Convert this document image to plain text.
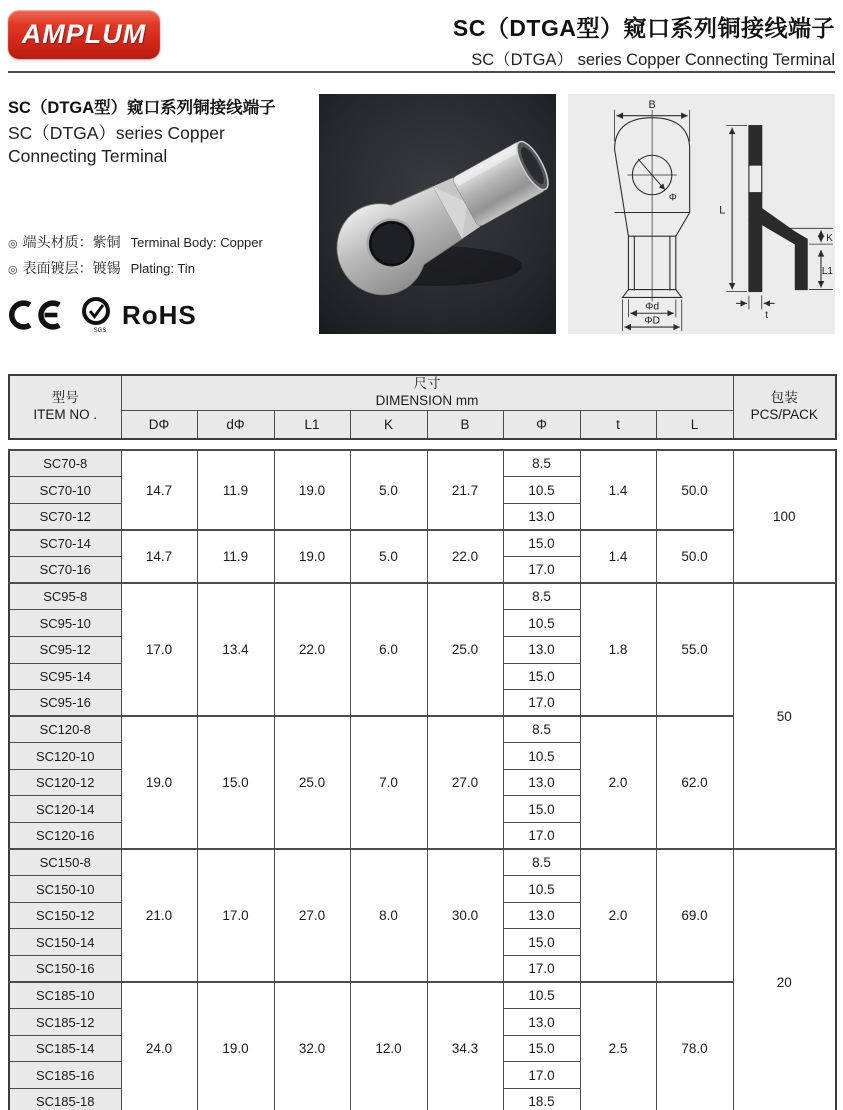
AMPLUM	SC（DTGA型）窥口系列铜接线端子
SC（DTGA） series Copper Connecting Terminal
SC（DTGA型）窥口系列铜接线端子
SC（DTGA）series Copper
Connecting Terminal
◎ 端头材质：紫铜 Terminal Body: Copper
◎ 表面镀层：镀锡 Plating: Tin
SGS
RoHS
B
Φ
Φd
ΦD
L
K
L1
t
型号
ITEM NO .

尺寸
DIMENSION mm	包装
PCS/PACK

	DΦ	dΦ	L1	K	B	Φ	t	L	
SC70-8	14.7	11.9	19.0	5.0	21.7	8.5	1.4	50.0	100
SC70-10						10.5			
SC70-12						13.0			
SC70-14	14.7	11.9	19.0	5.0	22.0	15.0	1.4	50.0	
SC70-16						17.0			
SC95-8	17.0	13.4	22.0	6.0	25.0	8.5	1.8	55.0	50
SC95-10						10.5			
SC95-12						13.0			
SC95-14						15.0			
SC95-16						17.0			
SC120-8	19.0	15.0	25.0	7.0	27.0	8.5	2.0	62.0	
SC120-10						10.5			
SC120-12						13.0			
SC120-14						15.0			
SC120-16						17.0			
SC150-8	21.0	17.0	27.0	8.0	30.0	8.5	2.0	69.0	20
SC150-10						10.5			
SC150-12						13.0			
SC150-14						15.0			
SC150-16						17.0			
SC185-10	24.0	19.0	32.0	12.0	34.3	10.5	2.5	78.0	
SC185-12						13.0			
SC185-14						15.0			
SC185-16						17.0			
SC185-18						18.5			
